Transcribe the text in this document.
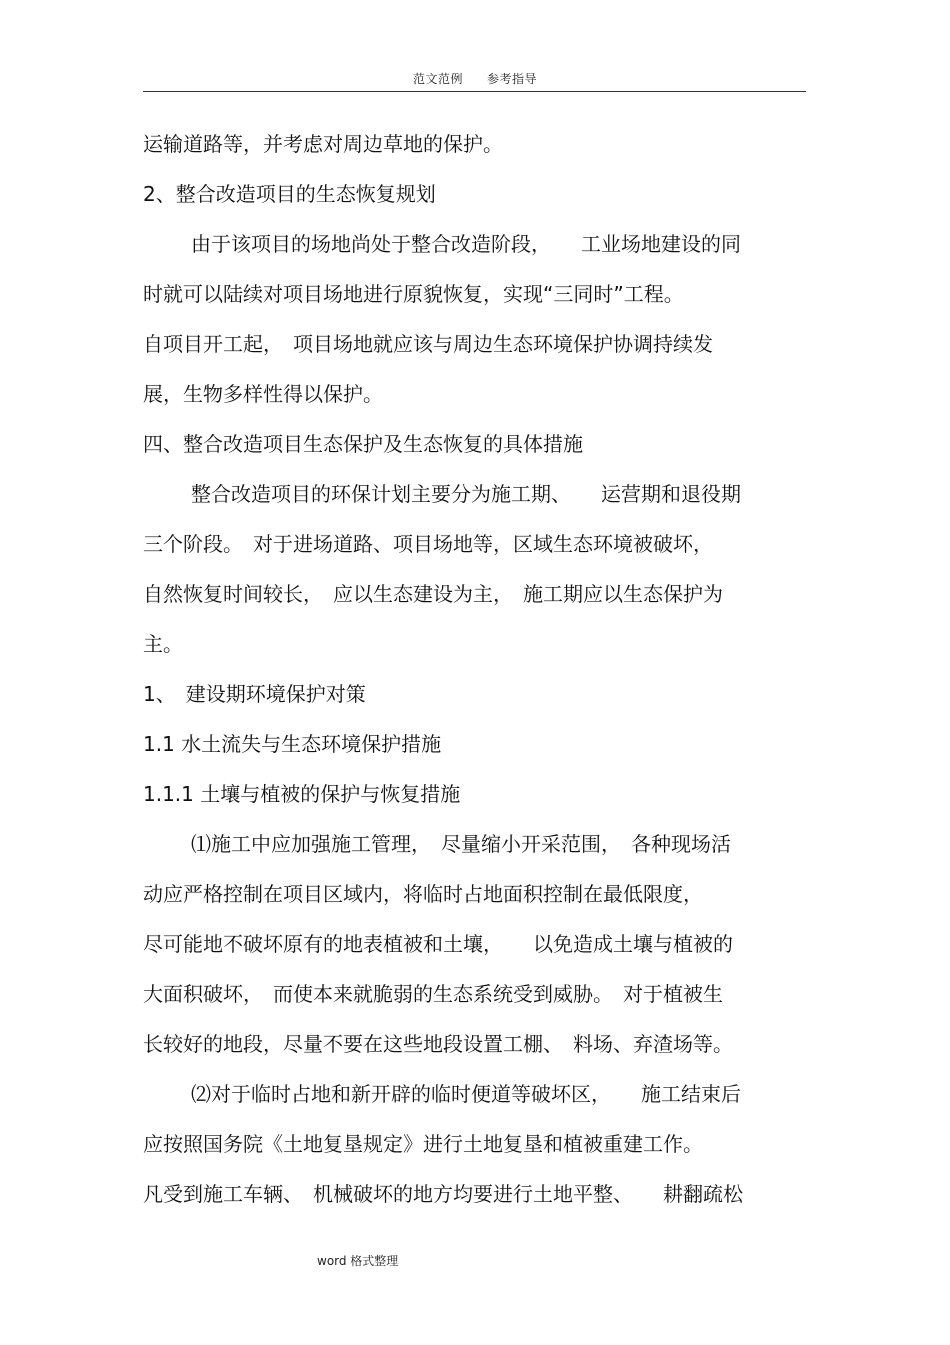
范文范例 参考指导
运输道路等，并考虑对周边草地的保护。
2、整合改造项目的生态恢复规划
由于该项目的场地尚处于整合改造阶段，　　工业场地建设的同
时就可以陆续对项目场地进行原貌恢复，实现“三同时”工程。
自项目开工起，　项目场地就应该与周边生态环境保护协调持续发
展，生物多样性得以保护。
四、整合改造项目生态保护及生态恢复的具体措施
整合改造项目的环保计划主要分为施工期、　　运营期和退役期
三个阶段。　对于进场道路、项目场地等，区域生态环境被破坏，
自然恢复时间较长，　应以生态建设为主，　施工期应以生态保护为
主。
1、　建设期环境保护对策
1.1 水土流失与生态环境保护措施
1.1.1 土壤与植被的保护与恢复措施
⑴施工中应加强施工管理，　尽量缩小开采范围，　各种现场活
动应严格控制在项目区域内，将临时占地面积控制在最低限度，
尽可能地不破坏原有的地表植被和土壤，　　以免造成土壤与植被的
大面积破坏，　而使本来就脆弱的生态系统受到威胁。　对于植被生
长较好的地段，尽量不要在这些地段设置工棚、　料场、弃渣场等。
⑵对于临时占地和新开辟的临时便道等破坏区，　　施工结束后
应按照国务院《土地复垦规定》进行土地复垦和植被重建工作。
凡受到施工车辆、　机械破坏的地方均要进行土地平整、　　耕翻疏松
word 格式整理
